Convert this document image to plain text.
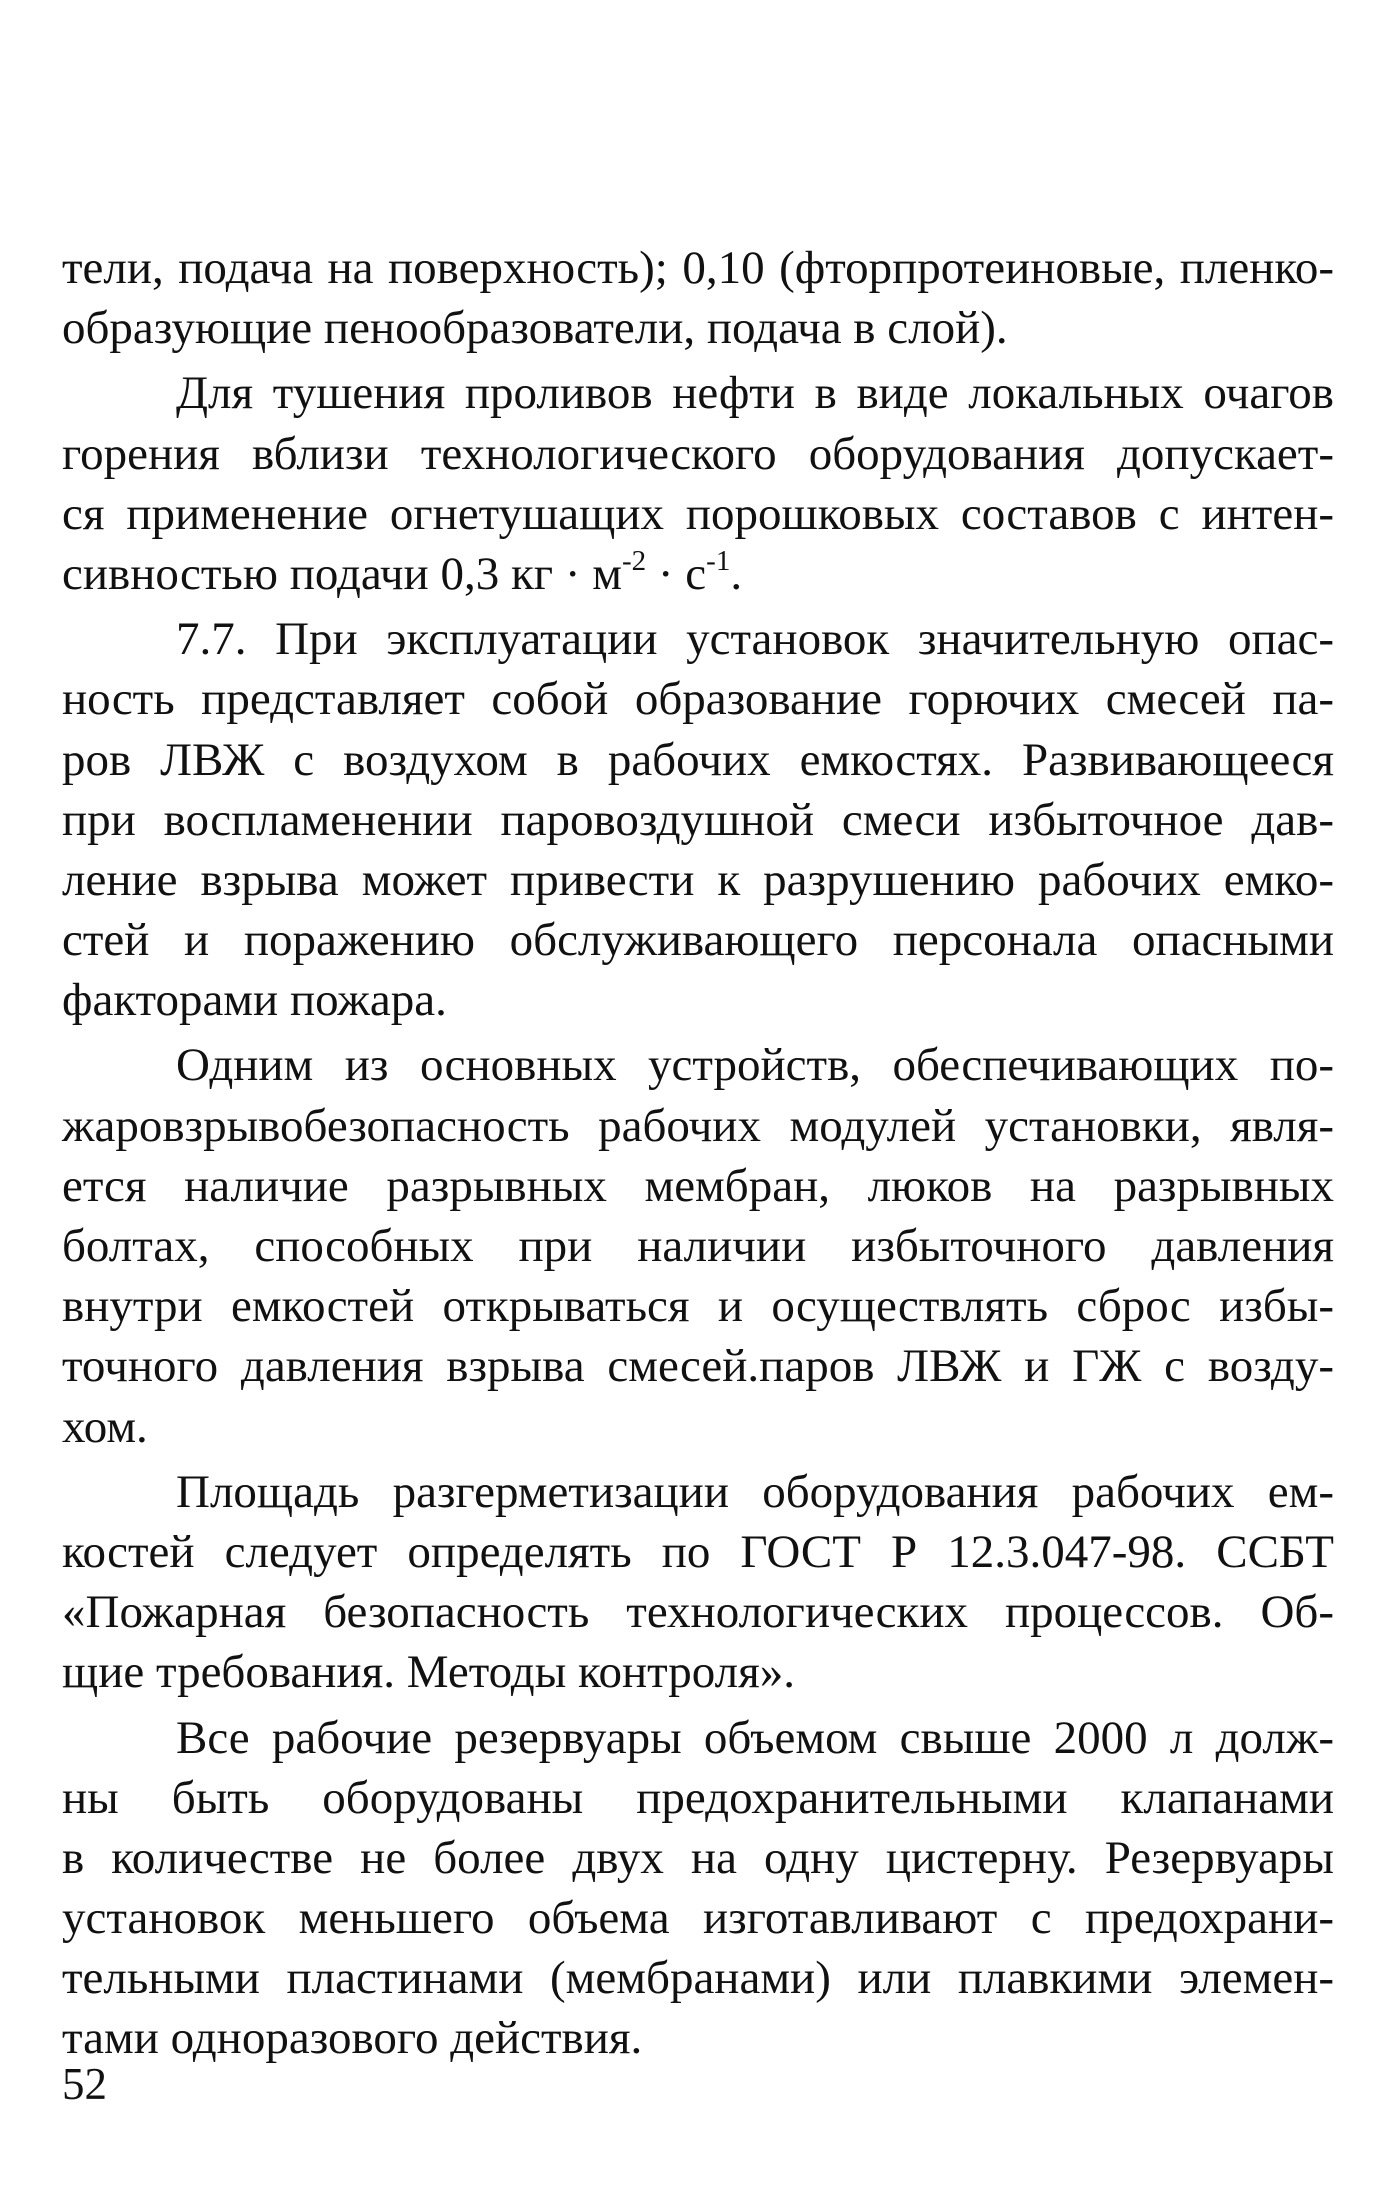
тели, подача на поверхность); 0,10 (фторпротеиновые, пленко-
образующие пенообразователи, подача в слой).
Для тушения проливов нефти в виде локальных очагов
горения вблизи технологического оборудования допускает-
ся применение огнетушащих порошковых составов с интен-
сивностью подачи 0,3 кг · $м^{-2} \cdot с^{-1}$.
7.7. При эксплуатации установок значительную опас-
ность представляет собой образование горючих смесей па-
ров ЛВЖ с воздухом в рабочих емкостях. Развивающееся
при воспламенении паровоздушной смеси избыточное дав-
ление взрыва может привести к разрушению рабочих емко-
стей и поражению обслуживающего персонала опасными
факторами пожара.
Одним из основных устройств, обеспечивающих по-
жаровзрывобезопасность рабочих модулей установки, явля-
ется наличие разрывных мембран, люков на разрывных
болтах, способных при наличии избыточного давления
внутри емкостей открываться и осуществлять сброс избы-
точного давления взрыва смесей.паров ЛВЖ и ГЖ с возду-
хом.
Площадь разгерметизации оборудования рабочих ем-
костей следует определять по ГОСТ Р 12.3.047-98. ССБТ
«Пожарная безопасность технологических процессов. Об-
щие требования. Методы контроля».
Все рабочие резервуары объемом свыше 2000 л долж-
ны быть оборудованы предохранительными клапанами
в количестве не более двух на одну цистерну. Резервуары
установок меньшего объема изготавливают с предохрани-
тельными пластинами (мембранами) или плавкими элемен-
тами одноразового действия.
52
